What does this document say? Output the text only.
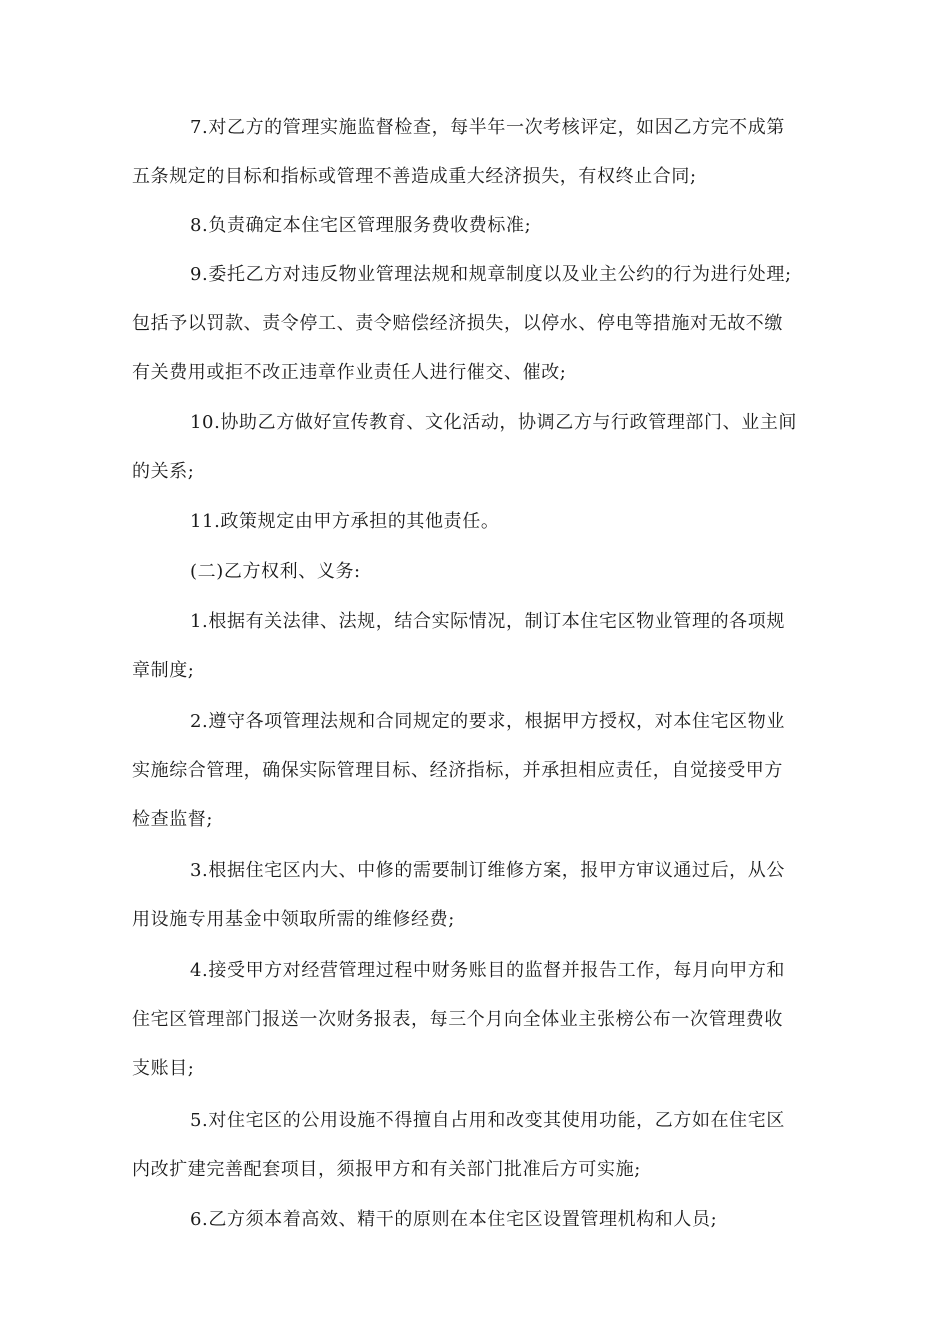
7.对乙方的管理实施监督检查，每半年一次考核评定，如因乙方完不成第
五条规定的目标和指标或管理不善造成重大经济损失，有权终止合同;
8.负责确定本住宅区管理服务费收费标准;
9.委托乙方对违反物业管理法规和规章制度以及业主公约的行为进行处理;
包括予以罚款、责令停工、责令赔偿经济损失，以停水、停电等措施对无故不缴
有关费用或拒不改正违章作业责任人进行催交、催改;
10.协助乙方做好宣传教育、文化活动，协调乙方与行政管理部门、业主间
的关系;
11.政策规定由甲方承担的其他责任。
(二)乙方权利、义务:
1.根据有关法律、法规，结合实际情况，制订本住宅区物业管理的各项规
章制度;
2.遵守各项管理法规和合同规定的要求，根据甲方授权，对本住宅区物业
实施综合管理，确保实际管理目标、经济指标，并承担相应责任，自觉接受甲方
检查监督;
3.根据住宅区内大、中修的需要制订维修方案，报甲方审议通过后，从公
用设施专用基金中领取所需的维修经费;
4.接受甲方对经营管理过程中财务账目的监督并报告工作，每月向甲方和
住宅区管理部门报送一次财务报表，每三个月向全体业主张榜公布一次管理费收
支账目;
5.对住宅区的公用设施不得擅自占用和改变其使用功能，乙方如在住宅区
内改扩建完善配套项目，须报甲方和有关部门批准后方可实施;
6.乙方须本着高效、精干的原则在本住宅区设置管理机构和人员;
